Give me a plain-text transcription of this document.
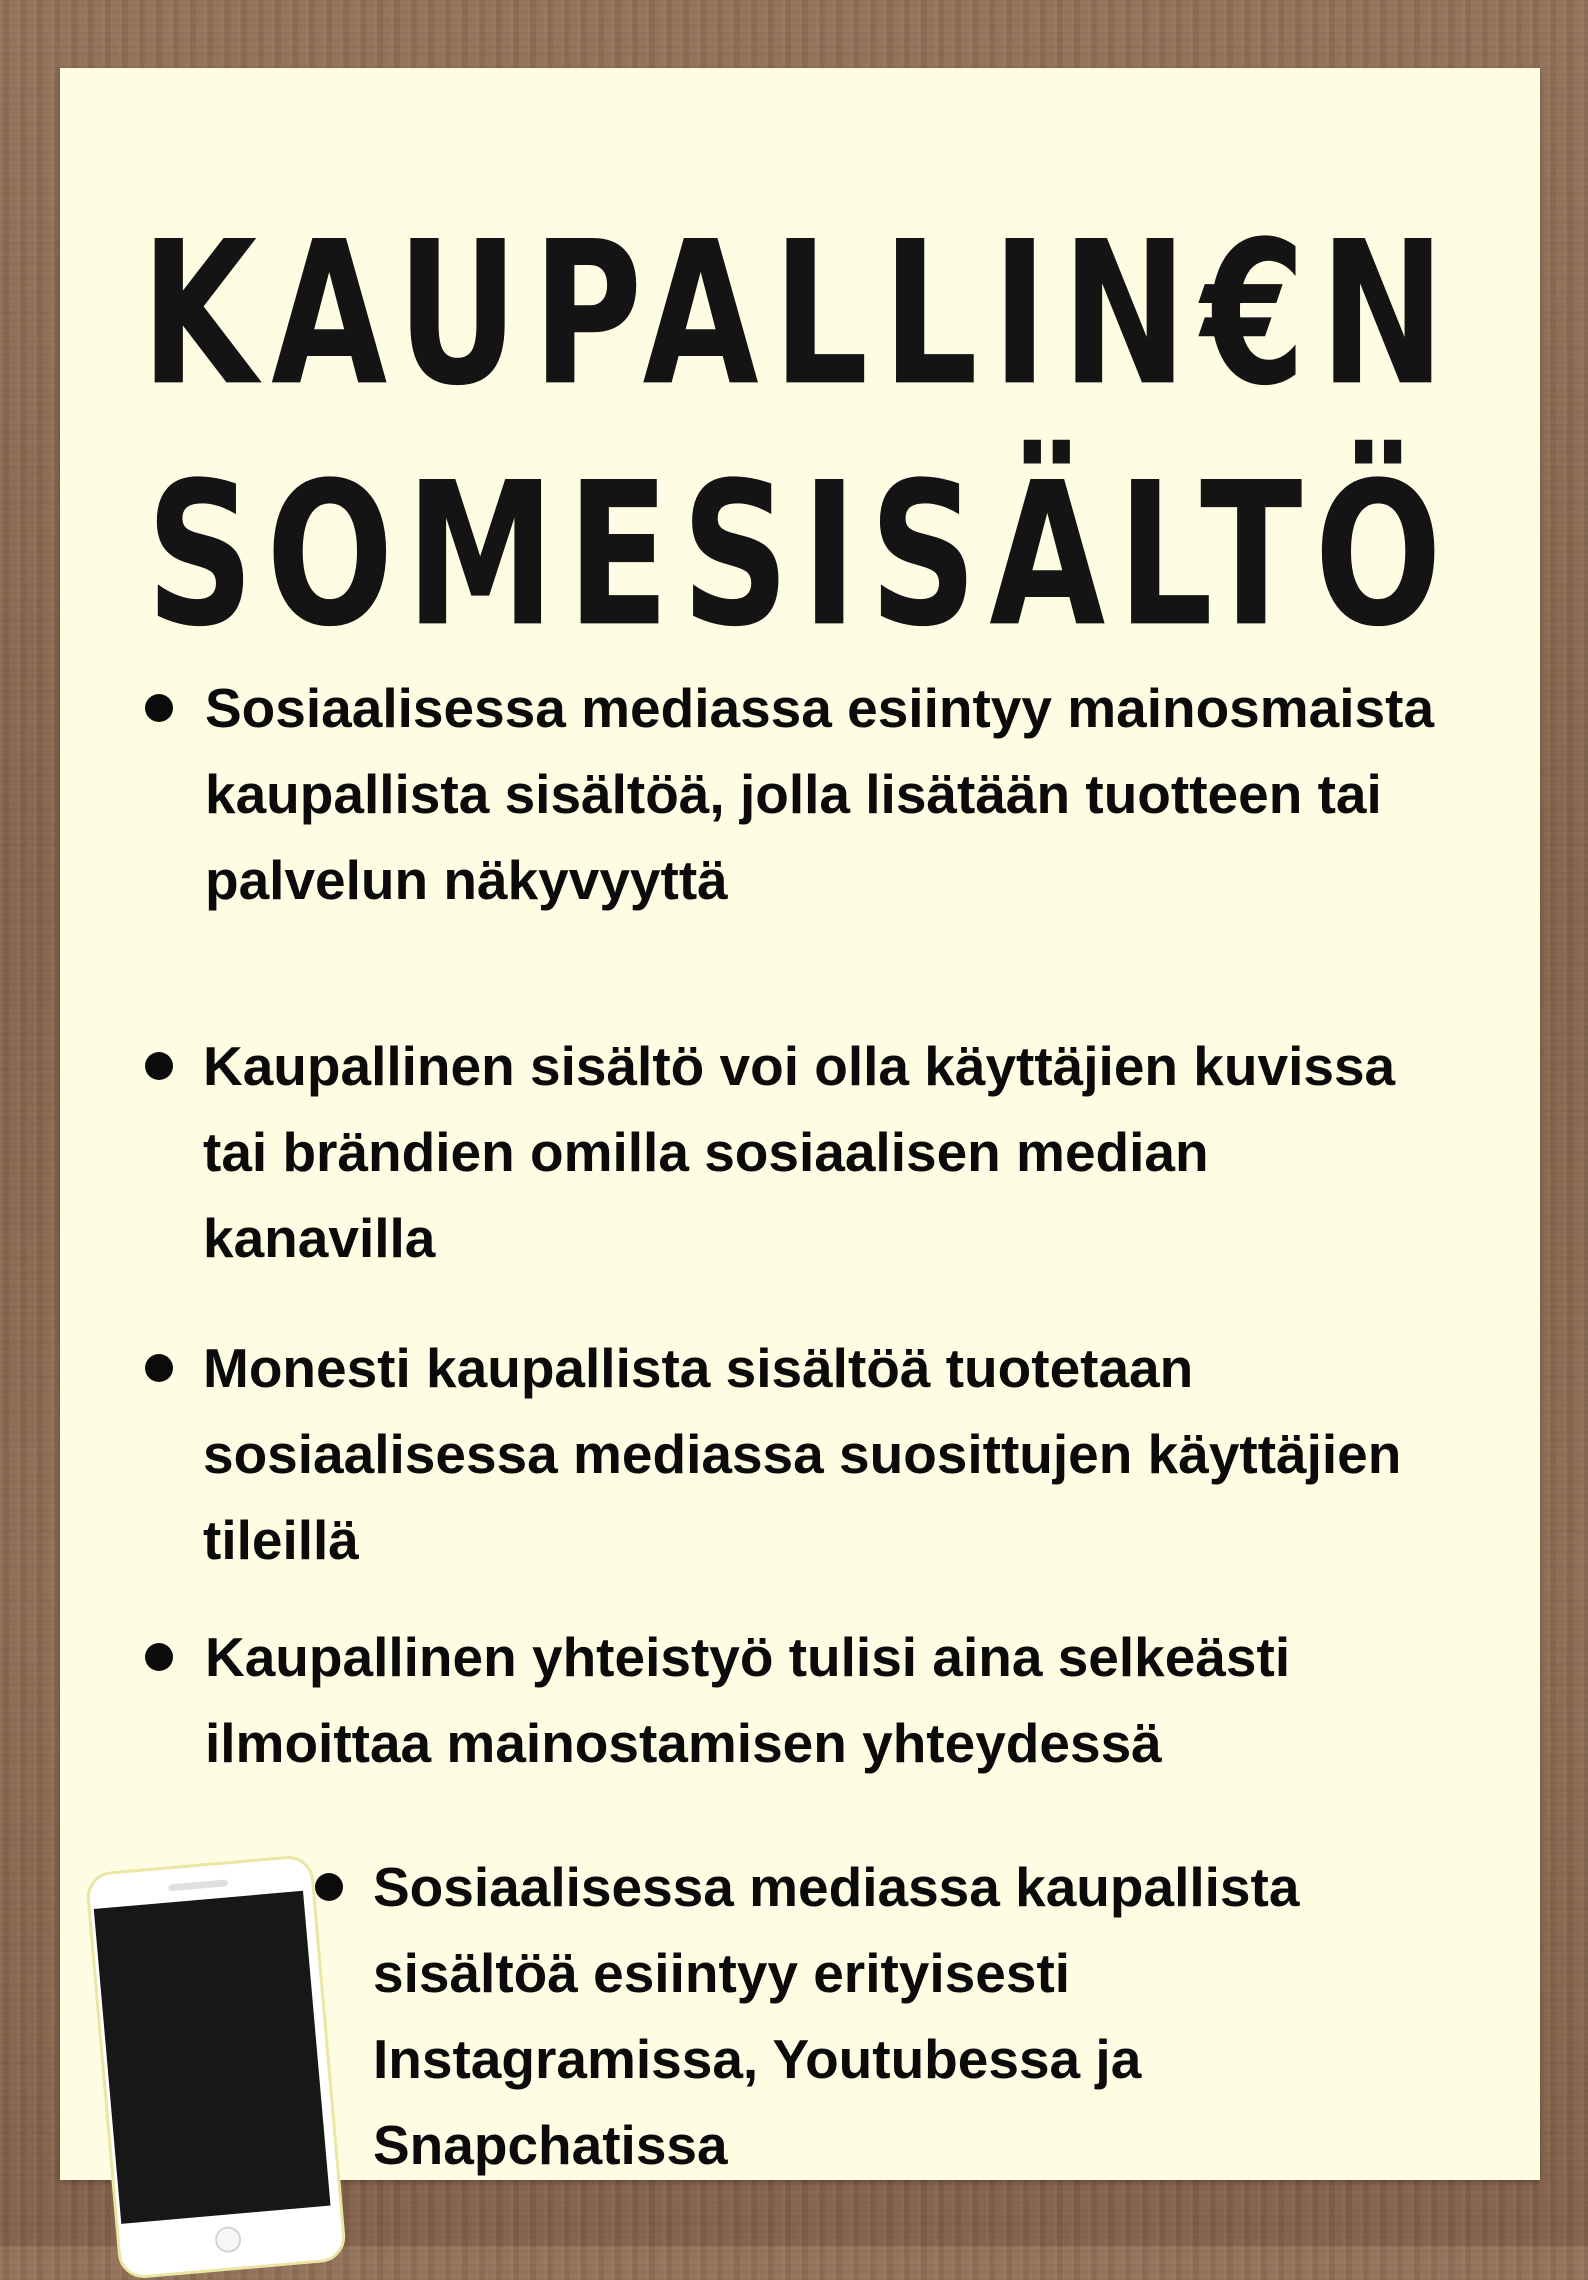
KAUPALLIN€N
SOMESISÄLTÖ
Sosiaalisessa mediassa esiintyy mainosmaista
kaupallista sisältöä, jolla lisätään tuotteen tai
palvelun näkyvyyttä
Kaupallinen sisältö voi olla käyttäjien kuvissa
tai brändien omilla sosiaalisen median
kanavilla
Monesti kaupallista sisältöä tuotetaan
sosiaalisessa mediassa suosittujen käyttäjien
tileillä
Kaupallinen yhteistyö tulisi aina selkeästi
ilmoittaa mainostamisen yhteydessä
Sosiaalisessa mediassa kaupallista
sisältöä esiintyy erityisesti
Instagramissa, Youtubessa ja
Snapchatissa
